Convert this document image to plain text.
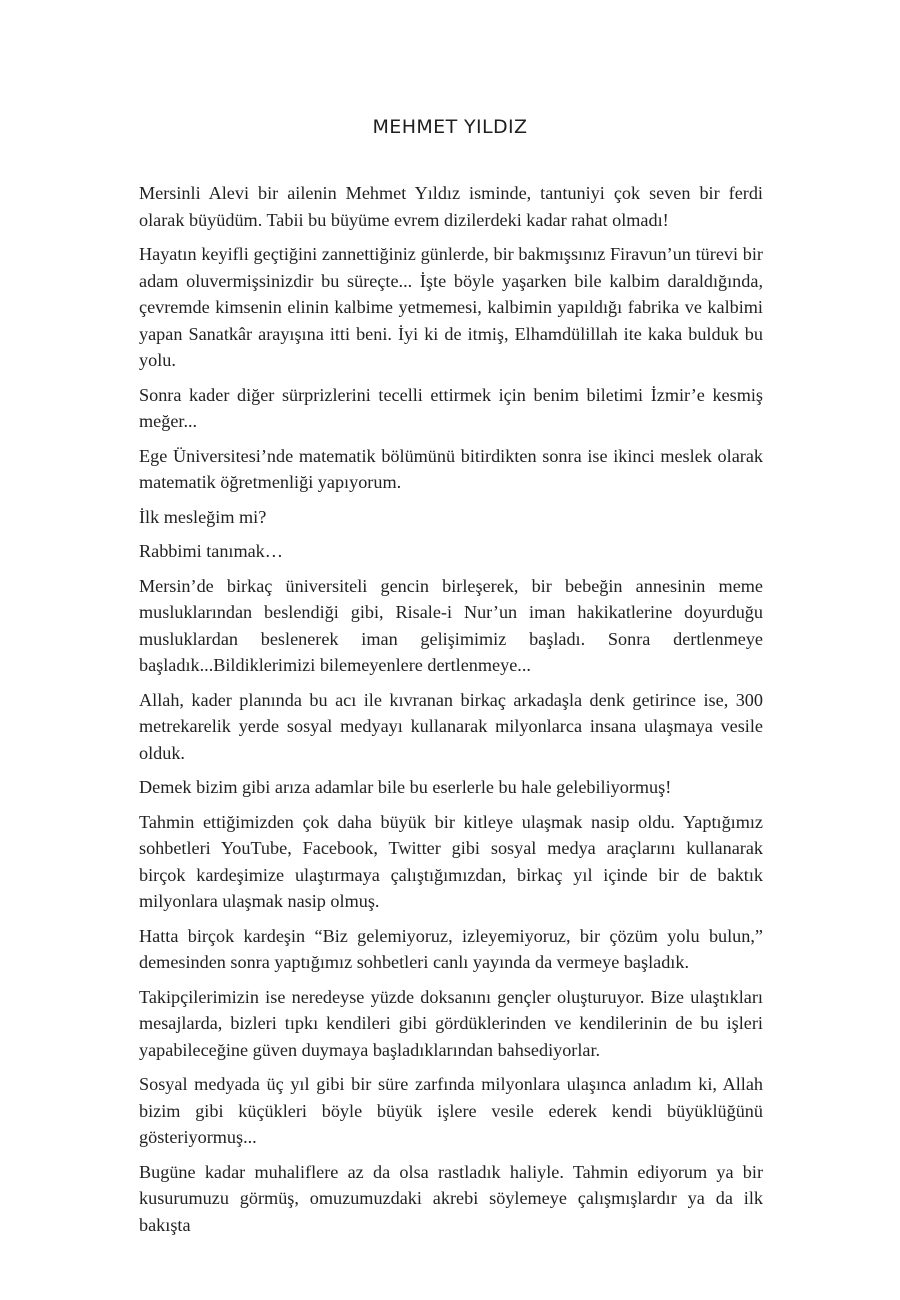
MEHMET YILDIZ

Mersinli Alevi bir ailenin Mehmet Yıldız isminde, tantuniyi çok seven bir ferdi olarak büyüdüm. Tabii bu büyüme evrem dizilerdeki kadar rahat olmadı!

Hayatın keyifli geçtiğini zannettiğiniz günlerde, bir bakmışsınız Firavun’un türevi bir adam oluvermişsinizdir bu süreçte... İşte böyle yaşarken bile kalbim daraldığında, çevremde kimsenin elinin kalbime yetmemesi, kalbimin yapıldığı fabrika ve kalbimi yapan Sanatkâr arayışına itti beni. İyi ki de itmiş, Elhamdülillah ite kaka bulduk bu yolu.

Sonra kader diğer sürprizlerini tecelli ettirmek için benim biletimi İzmir’e kesmiş meğer...

Ege Üniversitesi’nde matematik bölümünü bitirdikten sonra ise ikinci meslek olarak matematik öğretmenliği yapıyorum.

İlk mesleğim mi?

Rabbimi tanımak…

Mersin’de birkaç üniversiteli gencin birleşerek, bir bebeğin annesinin meme musluklarından beslendiği gibi, Risale-i Nur’un iman hakikatlerine doyurduğu musluklardan beslenerek iman gelişimimiz başladı. Sonra dertlenmeye başladık...Bildiklerimizi bilemeyenlere dertlenmeye...

Allah, kader planında bu acı ile kıvranan birkaç arkadaşla denk getirince ise, 300 metrekarelik yerde sosyal medyayı kullanarak milyonlarca insana ulaşmaya vesile olduk.

Demek bizim gibi arıza adamlar bile bu eserlerle bu hale gelebiliyormuş!

Tahmin ettiğimizden çok daha büyük bir kitleye ulaşmak nasip oldu. Yaptığımız sohbetleri YouTube, Facebook, Twitter gibi sosyal medya araçlarını kullanarak birçok kardeşimize ulaştırmaya çalıştığımızdan, birkaç yıl içinde bir de baktık milyonlara ulaşmak nasip olmuş.

Hatta birçok kardeşin “Biz gelemiyoruz, izleyemiyoruz, bir çözüm yolu bulun,” demesinden sonra yaptığımız sohbetleri canlı yayında da vermeye başladık.

Takipçilerimizin ise neredeyse yüzde doksanını gençler oluşturuyor. Bize ulaştıkları mesajlarda, bizleri tıpkı kendileri gibi gördüklerinden ve kendilerinin de bu işleri yapabileceğine güven duymaya başladıklarından bahsediyorlar.

Sosyal medyada üç yıl gibi bir süre zarfında milyonlara ulaşınca anladım ki, Allah bizim gibi küçükleri böyle büyük işlere vesile ederek kendi büyüklüğünü gösteriyormuş...

Bugüne kadar muhaliflere az da olsa rastladık haliyle. Tahmin ediyorum ya bir kusurumuzu görmüş, omuzumuzdaki akrebi söylemeye çalışmışlardır ya da ilk bakışta
